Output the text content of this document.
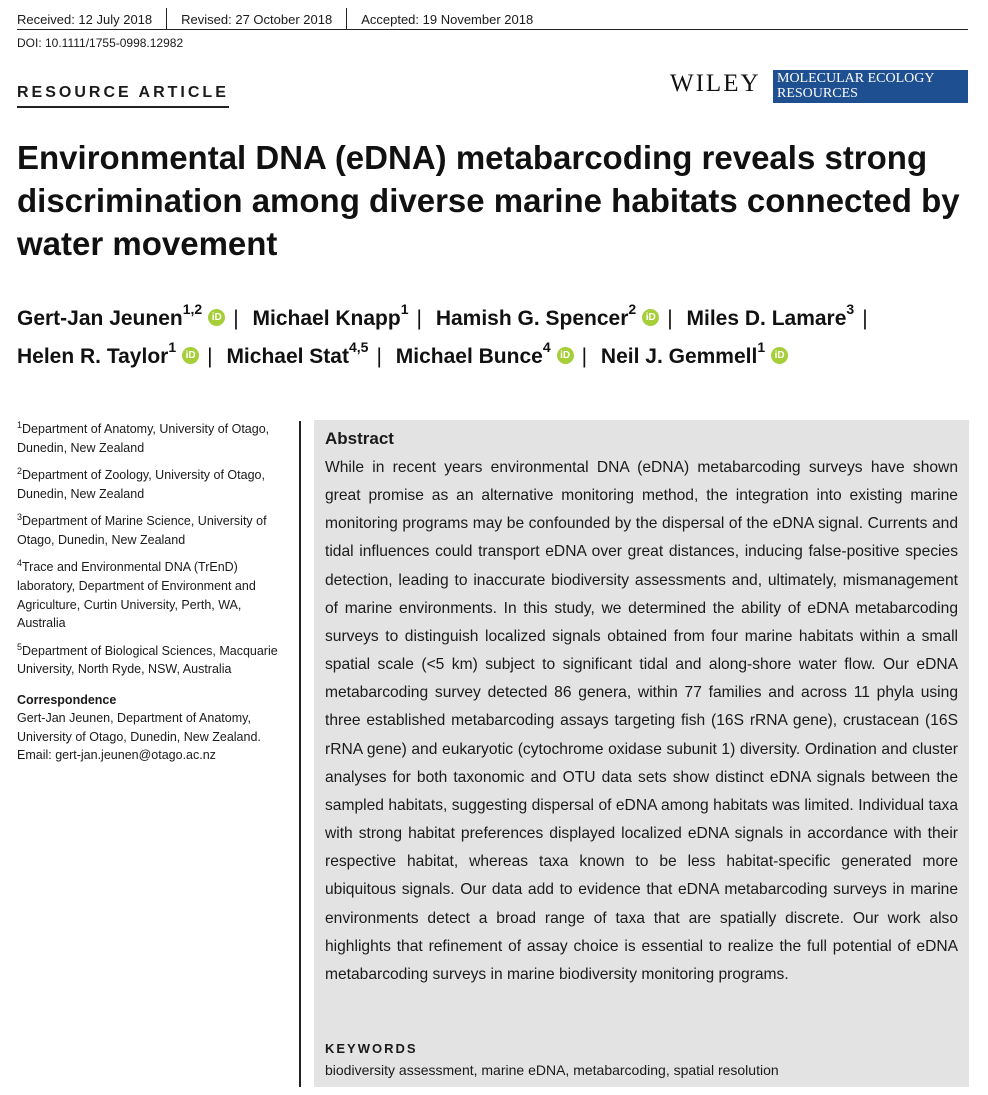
Received: 12 July 2018	Revised: 27 October 2018	Accepted: 19 November 2018
DOI: 10.1111/1755-0998.12982
RESOURCE ARTICLE	WILEY MOLECULAR ECOLOGY
RESOURCES
Environmental DNA (eDNA) metabarcoding reveals strong discrimination among diverse marine habitats connected by water movement
Gert-Jan Jeunen$^{1,2}$iD | Michael Knapp$^1$ | Hamish G. Spencer$^2$iD | Miles D. Lamare$^3$ | Helen R. Taylor$^1$iD | Michael Stat$^{4,5}$ | Michael Bunce$^4$iD | Neil J. Gemmell$^1$iD
$^1$Department of Anatomy, University of Otago, Dunedin, New Zealand
$^2$Department of Zoology, University of Otago, Dunedin, New Zealand
$^3$Department of Marine Science, University of Otago, Dunedin, New Zealand
$^4$Trace and Environmental DNA (TrEnD) laboratory, Department of Environment and Agriculture, Curtin University, Perth, WA, Australia
$^5$Department of Biological Sciences, Macquarie University, North Ryde, NSW, Australia
Correspondence
Gert-Jan Jeunen, Department of Anatomy, University of Otago, Dunedin, New Zealand.
Email: gert-jan.jeunen@otago.ac.nz
Abstract

While in recent years environmental DNA (eDNA) metabarcoding surveys have shown great promise as an alternative monitoring method, the integration into existing marine monitoring programs may be confounded by the dispersal of the eDNA signal. Currents and tidal influences could transport eDNA over great distances, inducing false-positive species detection, leading to inaccurate biodiversity assessments and, ultimately, mismanagement of marine environments. In this study, we determined the ability of eDNA metabarcoding surveys to distinguish localized signals obtained from four marine habitats within a small spatial scale (<5 km) subject to significant tidal and along-shore water flow. Our eDNA metabarcoding survey detected 86 genera, within 77 families and across 11 phyla using three established metabarcoding assays targeting fish (16S rRNA gene), crustacean (16S rRNA gene) and eukaryotic (cytochrome oxidase subunit 1) diversity. Ordination and cluster analyses for both taxonomic and OTU data sets show distinct eDNA signals between the sampled habitats, suggesting dispersal of eDNA among habitats was limited. Individual taxa with strong habitat preferences displayed localized eDNA signals in accordance with their respective habitat, whereas taxa known to be less habitat-specific generated more ubiquitous signals. Our data add to evidence that eDNA metabarcoding surveys in marine environments detect a broad range of taxa that are spatially discrete. Our work also highlights that refinement of assay choice is essential to realize the full potential of eDNA metabarcoding surveys in marine biodiversity monitoring programs.

KEYWORDS
biodiversity assessment, marine eDNA, metabarcoding, spatial resolution
